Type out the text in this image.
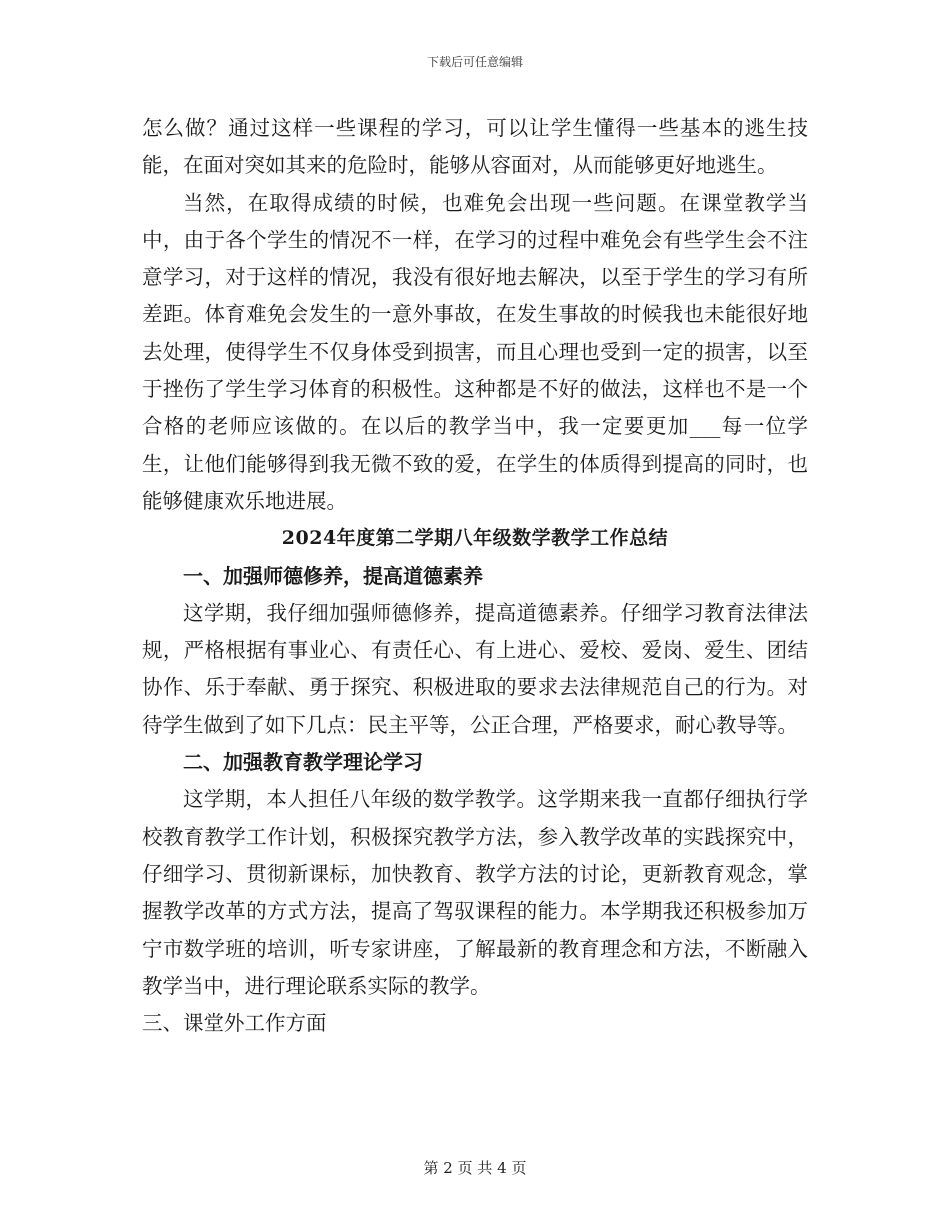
下载后可任意编辑

怎么做？通过这样一些课程的学习，可以让学生懂得一些基本的逃生技能，在面对突如其来的危险时，能够从容面对，从而能够更好地逃生。

当然，在取得成绩的时候，也难免会出现一些问题。在课堂教学当中，由于各个学生的情况不一样，在学习的过程中难免会有些学生会不注意学习，对于这样的情况，我没有很好地去解决，以至于学生的学习有所差距。体育难免会发生的一意外事故，在发生事故的时候我也未能很好地去处理，使得学生不仅身体受到损害，而且心理也受到一定的损害，以至于挫伤了学生学习体育的积极性。这种都是不好的做法，这样也不是一个合格的老师应该做的。在以后的教学当中，我一定要更加___每一位学生，让他们能够得到我无微不致的爱，在学生的体质得到提高的同时，也能够健康欢乐地进展。

2024年度第二学期八年级数学教学工作总结

一、加强师德修养，提高道德素养

这学期，我仔细加强师德修养，提高道德素养。仔细学习教育法律法规，严格根据有事业心、有责任心、有上进心、爱校、爱岗、爱生、团结协作、乐于奉献、勇于探究、积极进取的要求去法律规范自己的行为。对待学生做到了如下几点：民主平等，公正合理，严格要求，耐心教导等。

二、加强教育教学理论学习

这学期，本人担任八年级的数学教学。这学期来我一直都仔细执行学校教育教学工作计划，积极探究教学方法，参入教学改革的实践探究中，仔细学习、贯彻新课标，加快教育、教学方法的讨论，更新教育观念，掌握教学改革的方式方法，提高了驾驭课程的能力。本学期我还积极参加万宁市数学班的培训，听专家讲座，了解最新的教育理念和方法，不断融入教学当中，进行理论联系实际的教学。

三、课堂外工作方面

第 2 页 共 4 页
